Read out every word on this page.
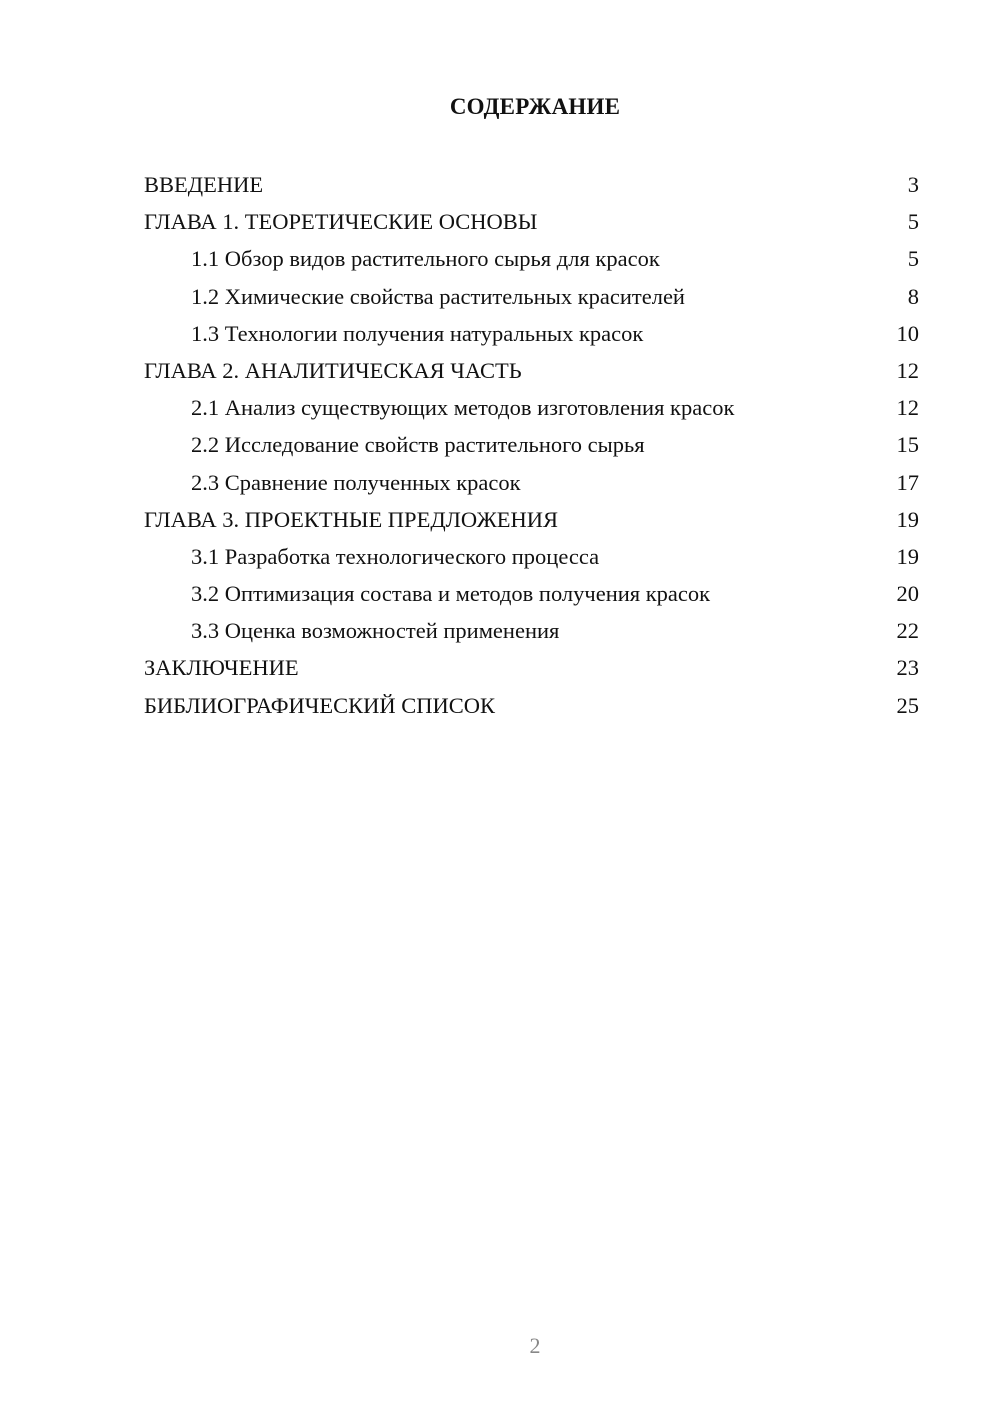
СОДЕРЖАНИЕ
ВВЕДЕНИЕ	3
ГЛАВА 1. ТЕОРЕТИЧЕСКИЕ ОСНОВЫ	5
1.1 Обзор видов растительного сырья для красок	5
1.2 Химические свойства растительных красителей	8
1.3 Технологии получения натуральных красок	10
ГЛАВА 2. АНАЛИТИЧЕСКАЯ ЧАСТЬ	12
2.1 Анализ существующих методов изготовления красок	12
2.2 Исследование свойств растительного сырья	15
2.3 Сравнение полученных красок	17
ГЛАВА 3. ПРОЕКТНЫЕ ПРЕДЛОЖЕНИЯ	19
3.1 Разработка технологического процесса	19
3.2 Оптимизация состава и методов получения красок	20
3.3 Оценка возможностей применения	22
ЗАКЛЮЧЕНИЕ	23
БИБЛИОГРАФИЧЕСКИЙ СПИСОК	25
2
